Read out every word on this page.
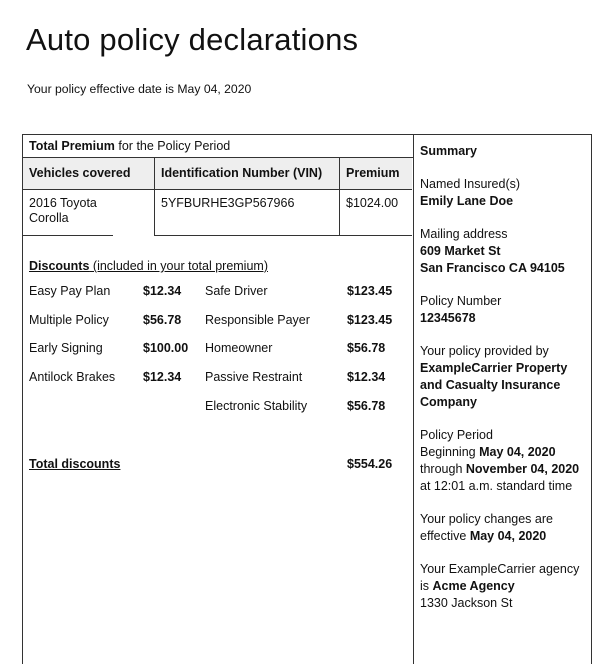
Auto policy declarations
Your policy effective date is May 04, 2020
Total Premium for the Policy Period
Vehicles covered	Identification Number (VIN)	Premium
2016 Toyota Corolla
5YFBURHE3GP567966	$1024.00
Discounts (included in your total premium)
Easy Pay Plan	$12.34 Safe Driver	$123.45
Multiple Policy	$56.78 Responsible Payer	$123.45
Early Signing	$100.00 Homeowner	$56.78
Antilock Brakes $12.34 Passive Restraint	$12.34
Electronic Stability	$56.78
Total discounts	$554.26
Summary
Named Insured(s)
Emily Lane Doe
Mailing address
609 Market St
San Francisco CA 94105
Policy Number
12345678
Your policy provided by
ExampleCarrier Property and Casualty Insurance Company
Policy Period
Beginning May 04, 2020 through November 04, 2020 at 12:01 a.m. standard time
Your policy changes are effective May 04, 2020
Your ExampleCarrier agency is Acme Agency
1330 Jackson St
